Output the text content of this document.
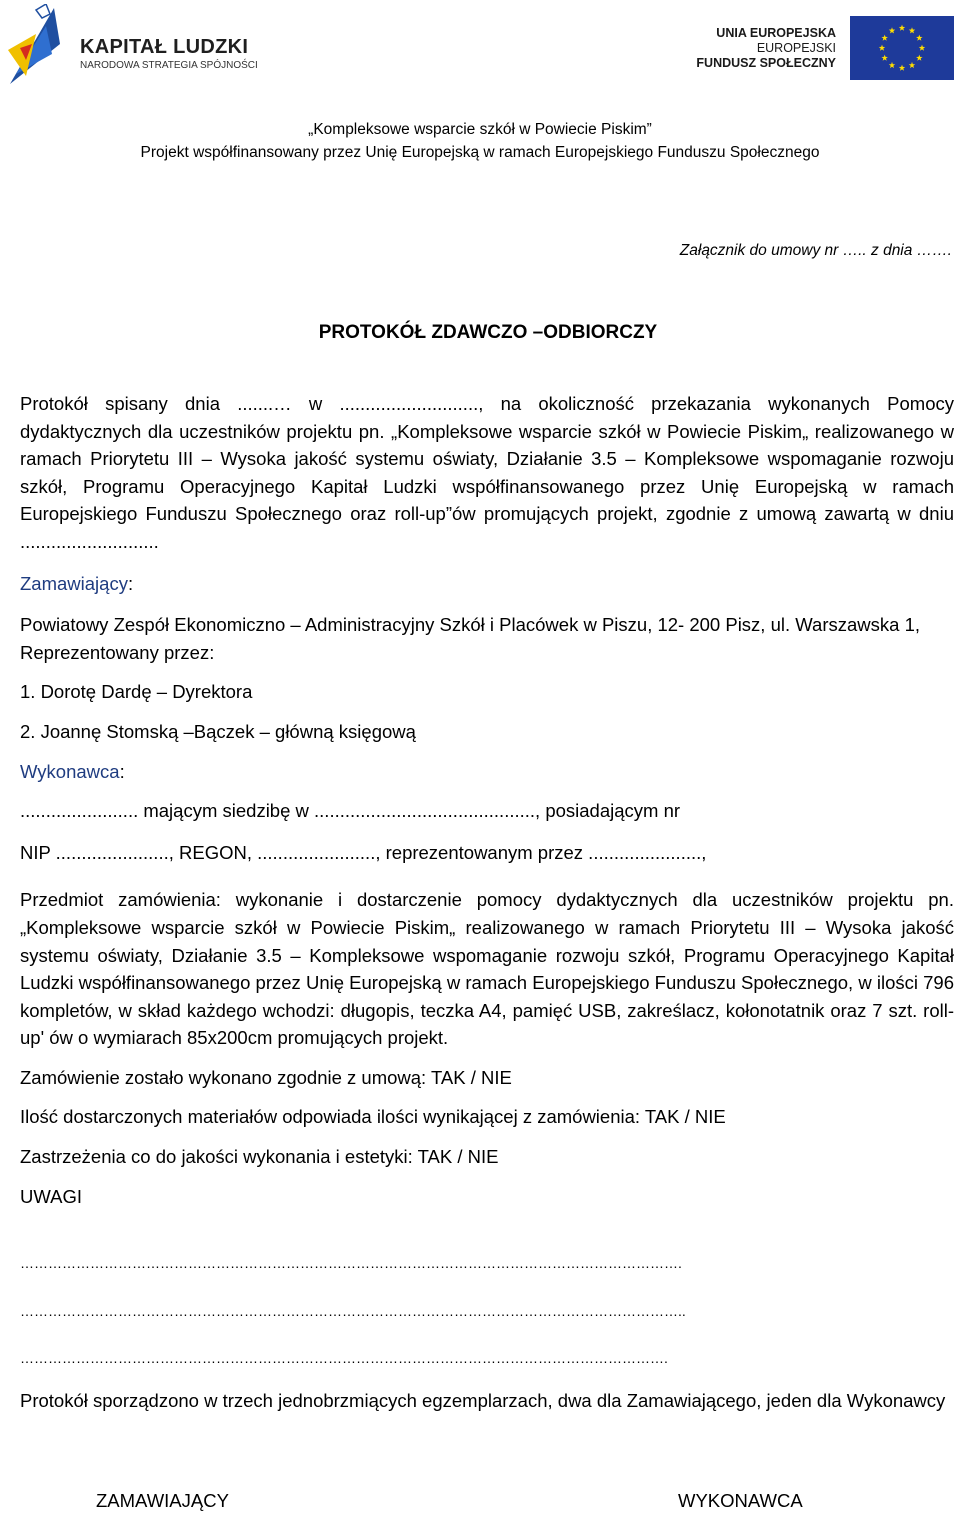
KAPITAŁ LUDZKI
NARODOWA STRATEGIA SPÓJNOŚCI
UNIA EUROPEJSKA
EUROPEJSKI
FUNDUSZ SPOŁECZNY
„Kompleksowe wsparcie szkół w Powiecie Piskim”
Projekt współfinansowany przez Unię Europejską w ramach Europejskiego Funduszu Społecznego
Załącznik do umowy nr ….. z dnia …….
PROTOKÓŁ ZDAWCZO –ODBIORCZY

Protokół spisany dnia .......… w ..........................., na okoliczność przekazania wykonanych Pomocy dydaktycznych dla uczestników projektu pn. „Kompleksowe wsparcie szkół w Powiecie Piskim„ realizowanego w ramach Priorytetu III – Wysoka jakość systemu oświaty, Działanie 3.5 – Kompleksowe wspomaganie rozwoju szkół, Programu Operacyjnego Kapitał Ludzki współfinansowanego przez Unię Europejską w ramach Europejskiego Funduszu Społecznego oraz roll-up”ów promujących projekt, zgodnie z umową zawartą w dniu ...........................

Zamawiający:

Powiatowy Zespół Ekonomiczno – Administracyjny Szkół i Placówek w Piszu, 12- 200 Pisz, ul. Warszawska 1, Reprezentowany przez:

1. Dorotę Dardę – Dyrektora

2. Joannę Stomską –Bączek – główną księgową

Wykonawca:

....................... mającym siedzibę w ..........................................., posiadającym nr

NIP ......................, REGON, ......................., reprezentowanym przez ......................,

Przedmiot zamówienia: wykonanie i dostarczenie pomocy dydaktycznych dla uczestników projektu pn. „Kompleksowe wsparcie szkół w Powiecie Piskim„ realizowanego w ramach Priorytetu III – Wysoka jakość systemu oświaty, Działanie 3.5 – Kompleksowe wspomaganie rozwoju szkół, Programu Operacyjnego Kapitał Ludzki współfinansowanego przez Unię Europejską w ramach Europejskiego Funduszu Społecznego, w ilości 796 kompletów, w skład każdego wchodzi: długopis, teczka A4, pamięć USB, zakreślacz, kołonotatnik oraz 7 szt. roll-up' ów o wymiarach 85x200cm promujących projekt.

Zamówienie zostało wykonano zgodnie z umową: TAK / NIE

Ilość dostarczonych materiałów odpowiada ilości wynikającej z zamówienia: TAK / NIE

Zastrzeżenia co do jakości wykonania i estetyki: TAK / NIE

UWAGI

…………………………………………………………………………………………………………………………….

……………………………………………………………………………………………………………………………..

………………………………………………………………………………………………………………………….

Protokół sporządzono w trzech jednobrzmiących egzemplarzach, dwa dla Zamawiającego, jeden dla Wykonawcy

ZAMAWIAJĄCY	WYKONAWCA
